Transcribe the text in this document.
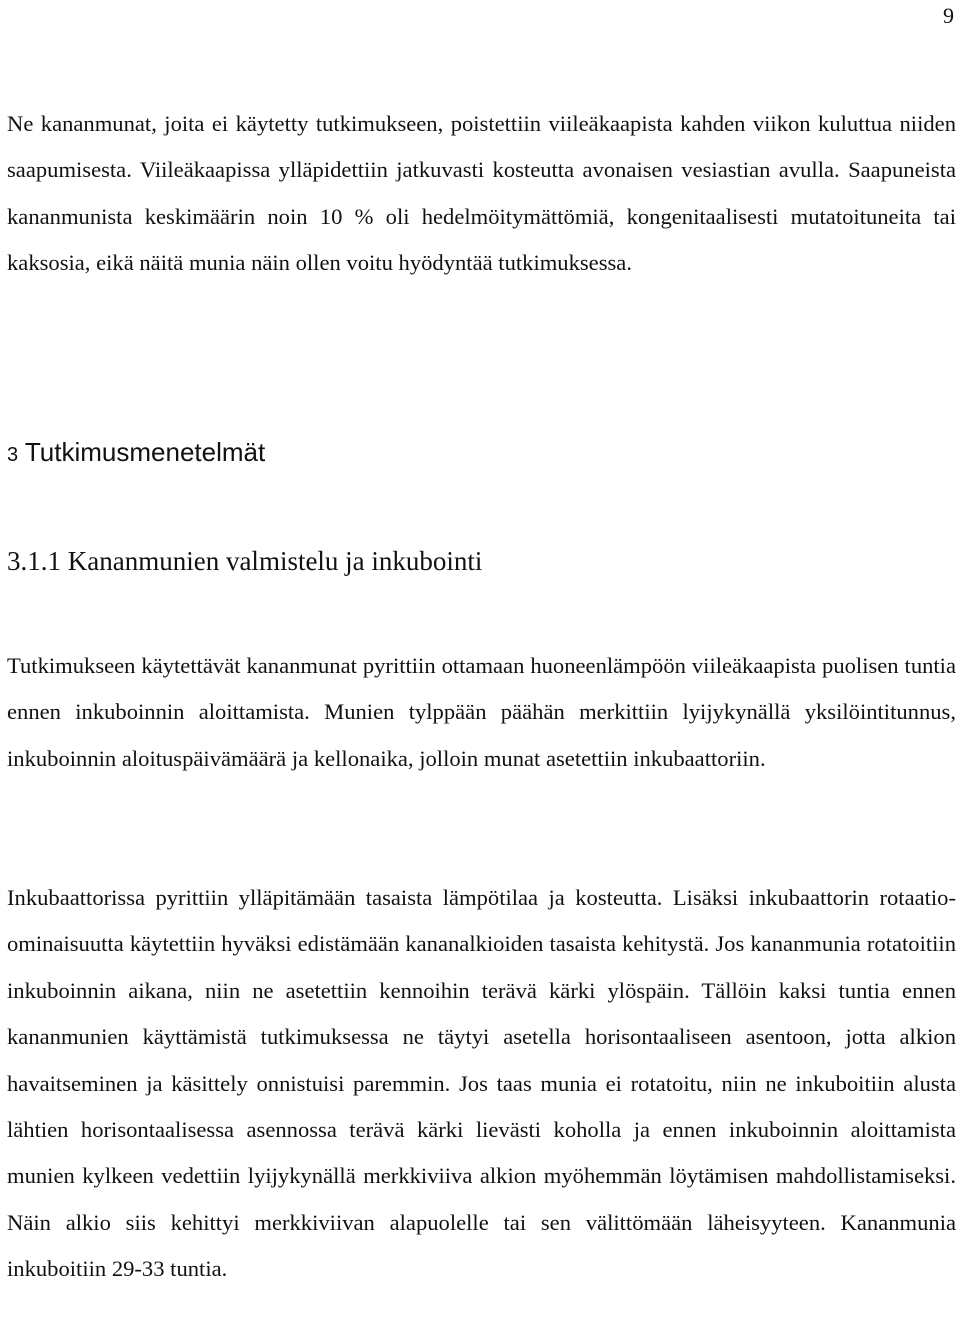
9

Ne kananmunat, joita ei käytetty tutkimukseen, poistettiin viileäkaapista kahden viikon kuluttua niiden saapumisesta. Viileäkaapissa ylläpidettiin jatkuvasti kosteutta avonaisen vesiastian avulla. Saapuneista kananmunista keskimäärin noin 10 % oli hedelmöitymättömiä, kongenitaalisesti mutatoituneita tai kaksosia, eikä näitä munia näin ollen voitu hyödyntää tutkimuksessa.

3 Tutkimusmenetelmät
3.1.1 Kananmunien valmistelu ja inkubointi

Tutkimukseen käytettävät kananmunat pyrittiin ottamaan huoneenlämpöön viileäkaapista puolisen tuntia ennen inkuboinnin aloittamista. Munien tylppään päähän merkittiin lyijykynällä yksilöintitunnus, inkuboinnin aloituspäivämäärä ja kellonaika, jolloin munat asetettiin inkubaattoriin.

Inkubaattorissa pyrittiin ylläpitämään tasaista lämpötilaa ja kosteutta. Lisäksi inkubaattorin rotaatio-ominaisuutta käytettiin hyväksi edistämään kananalkioiden tasaista kehitystä. Jos kananmunia rotatoitiin inkuboinnin aikana, niin ne asetettiin kennoihin terävä kärki ylöspäin. Tällöin kaksi tuntia ennen kananmunien käyttämistä tutkimuksessa ne täytyi asetella horisontaaliseen asentoon, jotta alkion havaitseminen ja käsittely onnistuisi paremmin. Jos taas munia ei rotatoitu, niin ne inkuboitiin alusta lähtien horisontaalisessa asennossa terävä kärki lievästi koholla ja ennen inkuboinnin aloittamista munien kylkeen vedettiin lyijykynällä merkkiviiva alkion myöhemmän löytämisen mahdollistamiseksi. Näin alkio siis kehittyi merkkiviivan alapuolelle tai sen välittömään läheisyyteen. Kananmunia inkuboitiin 29-33 tuntia.
